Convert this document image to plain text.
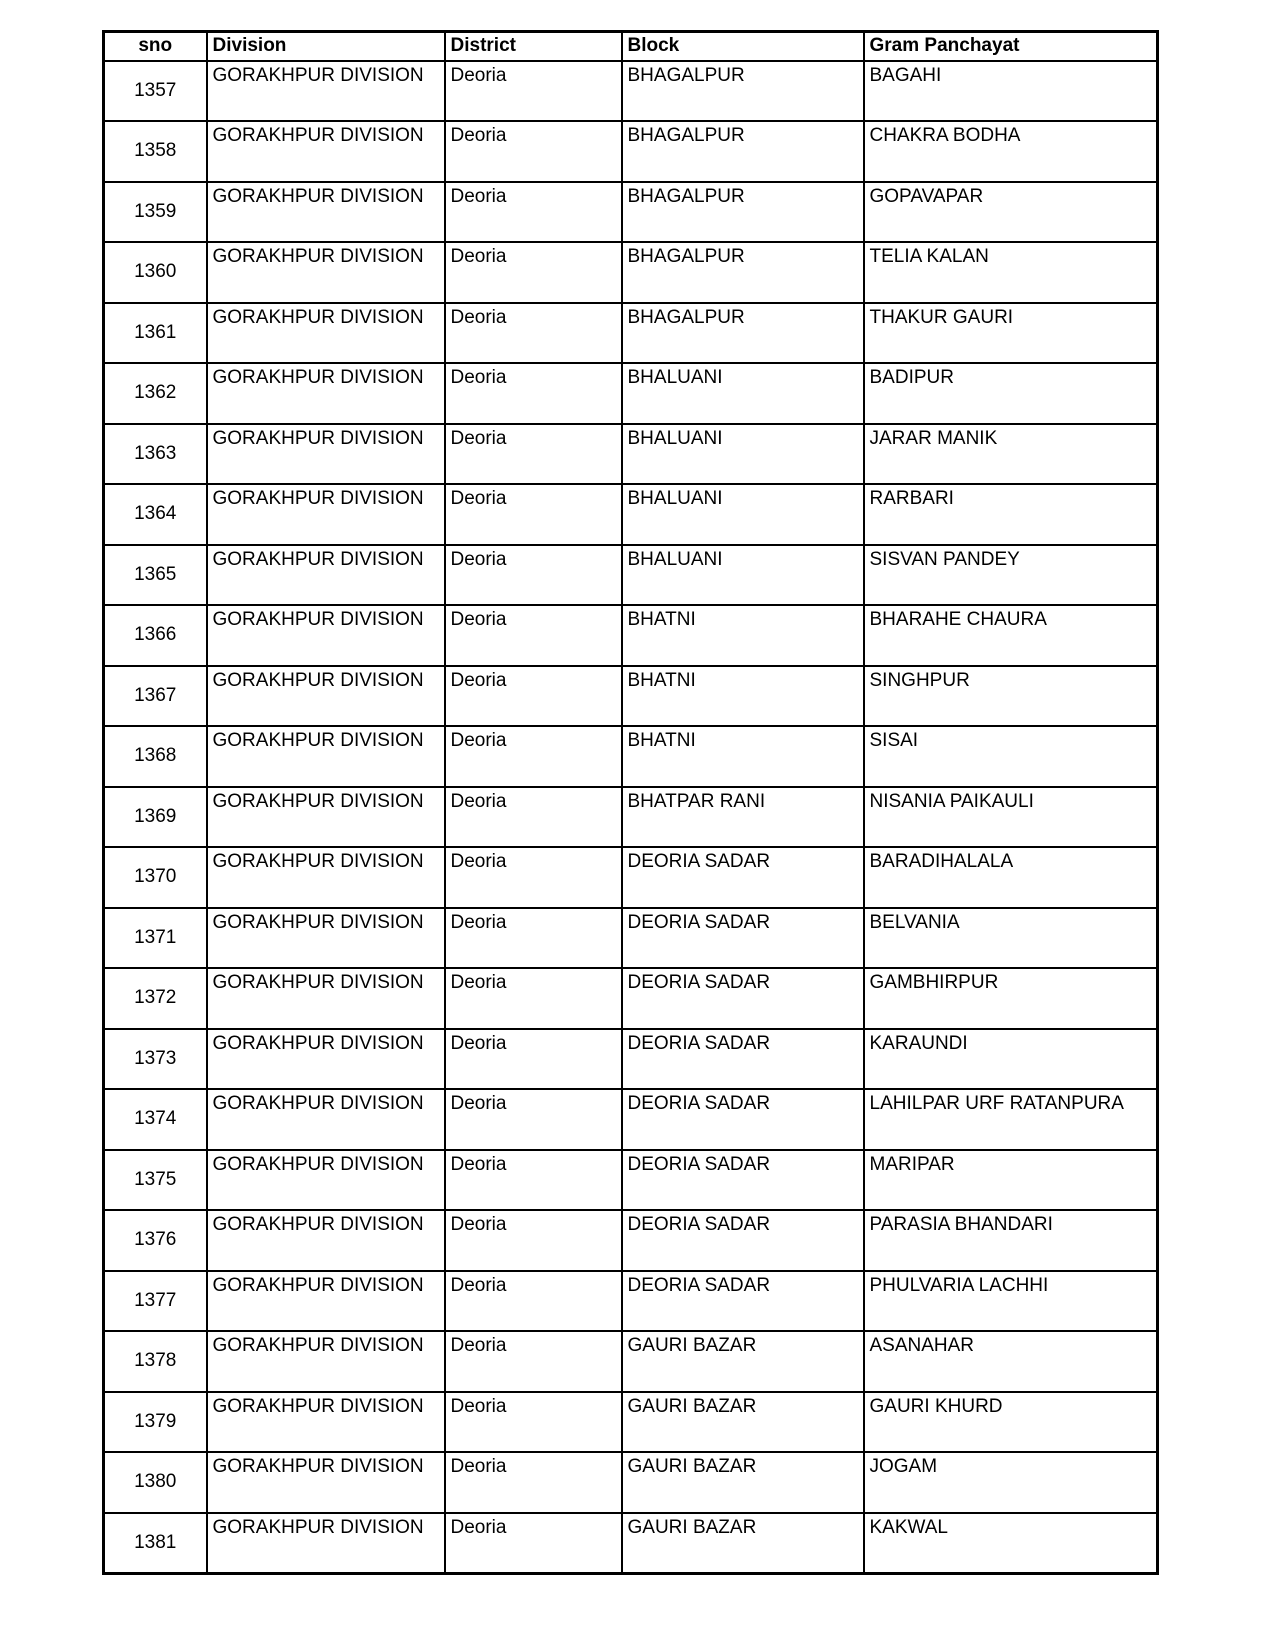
sno	Division	District	Block	Gram Panchayat
1357	GORAKHPUR DIVISION	Deoria	BHAGALPUR	BAGAHI
1358	GORAKHPUR DIVISION	Deoria	BHAGALPUR	CHAKRA BODHA
1359	GORAKHPUR DIVISION	Deoria	BHAGALPUR	GOPAVAPAR
1360	GORAKHPUR DIVISION	Deoria	BHAGALPUR	TELIA KALAN
1361	GORAKHPUR DIVISION	Deoria	BHAGALPUR	THAKUR GAURI
1362	GORAKHPUR DIVISION	Deoria	BHALUANI	BADIPUR
1363	GORAKHPUR DIVISION	Deoria	BHALUANI	JARAR MANIK
1364	GORAKHPUR DIVISION	Deoria	BHALUANI	RARBARI
1365	GORAKHPUR DIVISION	Deoria	BHALUANI	SISVAN PANDEY
1366	GORAKHPUR DIVISION	Deoria	BHATNI	BHARAHE CHAURA
1367	GORAKHPUR DIVISION	Deoria	BHATNI	SINGHPUR
1368	GORAKHPUR DIVISION	Deoria	BHATNI	SISAI
1369	GORAKHPUR DIVISION	Deoria	BHATPAR RANI	NISANIA PAIKAULI
1370	GORAKHPUR DIVISION	Deoria	DEORIA SADAR	BARADIHALALA
1371	GORAKHPUR DIVISION	Deoria	DEORIA SADAR	BELVANIA
1372	GORAKHPUR DIVISION	Deoria	DEORIA SADAR	GAMBHIRPUR
1373	GORAKHPUR DIVISION	Deoria	DEORIA SADAR	KARAUNDI
1374	GORAKHPUR DIVISION	Deoria	DEORIA SADAR	LAHILPAR URF RATANPURA
1375	GORAKHPUR DIVISION	Deoria	DEORIA SADAR	MARIPAR
1376	GORAKHPUR DIVISION	Deoria	DEORIA SADAR	PARASIA BHANDARI
1377	GORAKHPUR DIVISION	Deoria	DEORIA SADAR	PHULVARIA LACHHI
1378	GORAKHPUR DIVISION	Deoria	GAURI BAZAR	ASANAHAR
1379	GORAKHPUR DIVISION	Deoria	GAURI BAZAR	GAURI KHURD
1380	GORAKHPUR DIVISION	Deoria	GAURI BAZAR	JOGAM
1381	GORAKHPUR DIVISION	Deoria	GAURI BAZAR	KAKWAL
